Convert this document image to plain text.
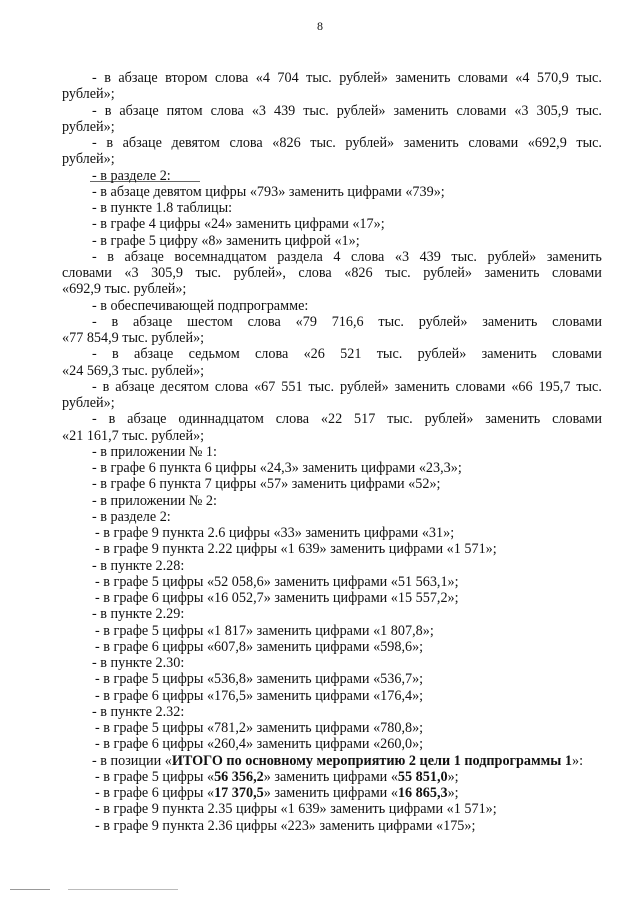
8
- в абзаце втором слова «4 704 тыс. рублей» заменить словами «4 570,9 тыс.
рублей»;
- в абзаце пятом слова «3 439 тыс. рублей» заменить словами «3 305,9 тыс.
рублей»;
- в абзаце девятом слова «826 тыс. рублей» заменить словами «692,9 тыс.
рублей»;
- в разделе 2:
- в абзаце девятом цифры «793» заменить цифрами «739»;
- в пункте 1.8 таблицы:
- в графе 4 цифры «24» заменить цифрами «17»;
- в графе 5 цифру «8» заменить цифрой «1»;
- в абзаце восемнадцатом раздела 4 слова «3 439 тыс. рублей» заменить
словами «3 305,9 тыс. рублей», слова «826 тыс. рублей» заменить словами
«692,9 тыс. рублей»;
- в обеспечивающей подпрограмме:
- в абзаце шестом слова «79 716,6 тыс. рублей» заменить словами
«77 854,9 тыс. рублей»;
- в абзаце седьмом слова «26 521 тыс. рублей» заменить словами
«24 569,3 тыс. рублей»;
- в абзаце десятом слова «67 551 тыс. рублей» заменить словами «66 195,7 тыс.
рублей»;
- в абзаце одиннадцатом слова «22 517 тыс. рублей» заменить словами
«21 161,7 тыс. рублей»;
- в приложении № 1:
- в графе 6 пункта 6 цифры «24,3» заменить цифрами «23,3»;
- в графе 6 пункта 7 цифры «57» заменить цифрами «52»;
- в приложении № 2:
- в разделе 2:
- в графе 9 пункта 2.6 цифры «33» заменить цифрами «31»;
- в графе 9 пункта 2.22 цифры «1 639» заменить цифрами «1 571»;
- в пункте 2.28:
- в графе 5 цифры «52 058,6» заменить цифрами «51 563,1»;
- в графе 6 цифры «16 052,7» заменить цифрами «15 557,2»;
- в пункте 2.29:
- в графе 5 цифры «1 817» заменить цифрами «1 807,8»;
- в графе 6 цифры «607,8» заменить цифрами «598,6»;
- в пункте 2.30:
- в графе 5 цифры «536,8» заменить цифрами «536,7»;
- в графе 6 цифры «176,5» заменить цифрами «176,4»;
- в пункте 2.32:
- в графе 5 цифры «781,2» заменить цифрами «780,8»;
- в графе 6 цифры «260,4» заменить цифрами «260,0»;
- в позиции «ИТОГО по основному мероприятию 2 цели 1 подпрограммы 1»:
- в графе 5 цифры «56 356,2» заменить цифрами «55 851,0»;
- в графе 6 цифры «17 370,5» заменить цифрами «16 865,3»;
- в графе 9 пункта 2.35 цифры «1 639» заменить цифрами «1 571»;
- в графе 9 пункта 2.36 цифры «223» заменить цифрами «175»;
